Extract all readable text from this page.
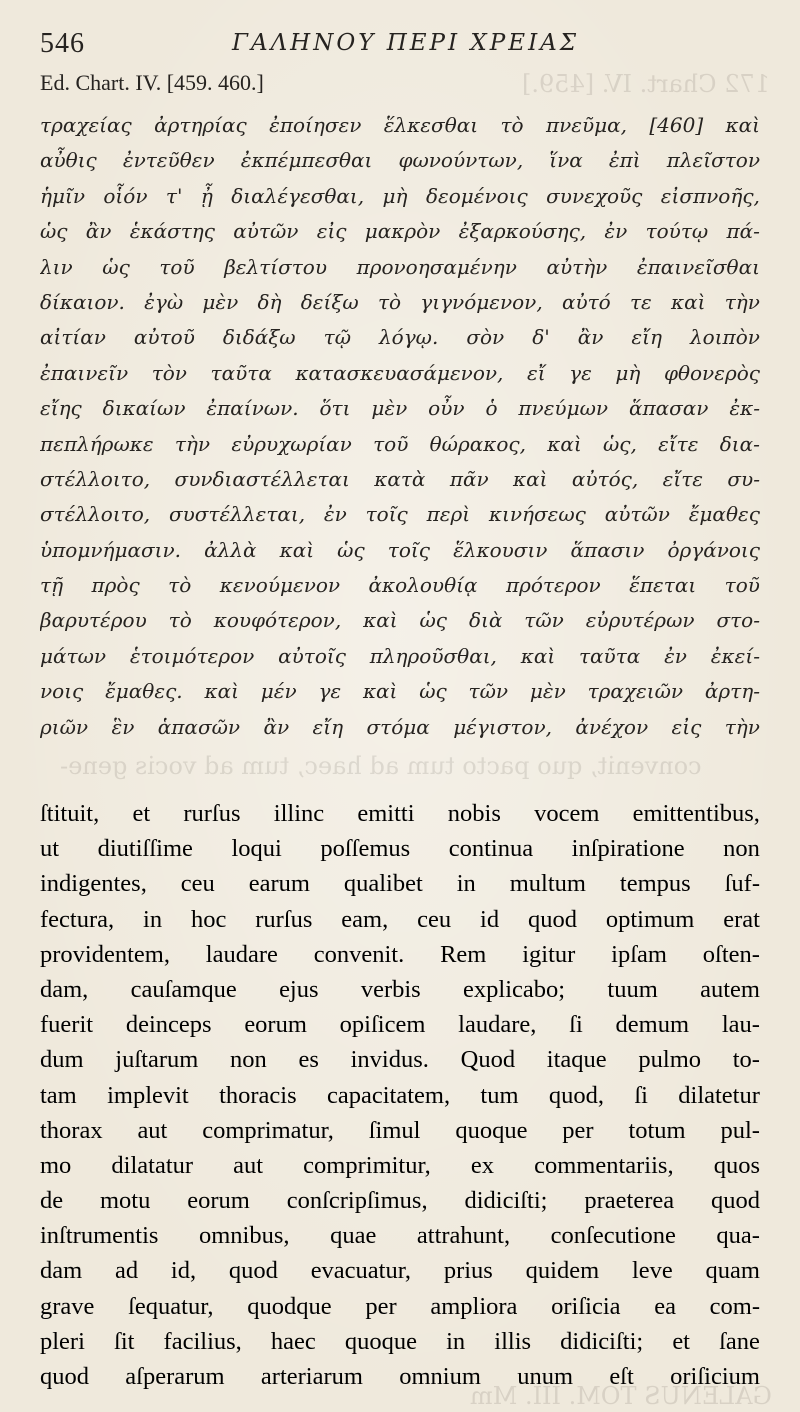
172 Chart. IV. [459.]
convenit, quo pacto tum ad haec, tum ad vocis gene-
GALENUS TOM. III. Mm
546	ΓΑΛΗΝΟΥ ΠΕΡΙ ΧΡΕΙΑΣ
Ed. Chart. IV. [459. 460.]
τραχείας ἀρτηρίας ἐποίησεν ἕλκεσθαι τὸ πνεῦμα, [460] καὶ
αὖθις ἐντεῦθεν ἐκπέμπεσθαι φωνούντων, ἵνα ἐπὶ πλεῖστον
ἡμῖν οἷόν τ' ᾖ διαλέγεσθαι, μὴ δεομένοις συνεχοῦς εἰσπνοῆς,
ὡς ἂν ἑκάστης αὐτῶν εἰς μακρὸν ἐξαρκούσης, ἐν τούτῳ πά-
λιν ὡς τοῦ βελτίστου προνοησαμένην αὐτὴν ἐπαινεῖσθαι
δίκαιον. ἐγὼ μὲν δὴ δείξω τὸ γιγνόμενον, αὐτό τε καὶ τὴν
αἰτίαν αὐτοῦ διδάξω τῷ λόγῳ. σὸν δ' ἂν εἴη λοιπὸν
ἐπαινεῖν τὸν ταῦτα κατασκευασάμενον, εἴ γε μὴ φθονερὸς
εἴης δικαίων ἐπαίνων. ὅτι μὲν οὖν ὁ πνεύμων ἅπασαν ἐκ-
πεπλήρωκε τὴν εὐρυχωρίαν τοῦ θώρακος, καὶ ὡς, εἴτε δια-
στέλλοιτο, συνδιαστέλλεται κατὰ πᾶν καὶ αὐτός, εἴτε συ-
στέλλοιτο, συστέλλεται, ἐν τοῖς περὶ κινήσεως αὐτῶν ἔμαθες
ὑπομνήμασιν. ἀλλὰ καὶ ὡς τοῖς ἕλκουσιν ἅπασιν ὀργάνοις
τῇ πρὸς τὸ κενούμενον ἀκολουθίᾳ πρότερον ἕπεται τοῦ
βαρυτέρου τὸ κουφότερον, καὶ ὡς διὰ τῶν εὐρυτέρων στο-
μάτων ἑτοιμότερον αὐτοῖς πληροῦσθαι, καὶ ταῦτα ἐν ἐκεί-
νοις ἔμαθες. καὶ μέν γε καὶ ὡς τῶν μὲν τραχειῶν ἀρτη-
ριῶν ἓν ἁπασῶν ἂν εἴη στόμα μέγιστον, ἀνέχον εἰς τὴν
ſtituit, et rurſus illinc emitti nobis vocem emittentibus,
ut diutiſſime loqui poſſemus continua inſpiratione non
indigentes, ceu earum qualibet in multum tempus ſuf-
fectura, in hoc rurſus eam, ceu id quod optimum erat
providentem, laudare convenit. Rem igitur ipſam oſten-
dam, cauſamque ejus verbis explicabo; tuum autem
fuerit deinceps eorum opiſicem laudare, ſi demum lau-
dum juſtarum non es invidus. Quod itaque pulmo to-
tam implevit thoracis capacitatem, tum quod, ſi dilatetur
thorax aut comprimatur, ſimul quoque per totum pul-
mo dilatatur aut comprimitur, ex commentariis, quos
de motu eorum conſcripſimus, didiciſti; praeterea quod
inſtrumentis omnibus, quae attrahunt, conſecutione qua-
dam ad id, quod evacuatur, prius quidem leve quam
grave ſequatur, quodque per ampliora oriſicia ea com-
pleri ſit facilius, haec quoque in illis didiciſti; et ſane
quod aſperarum arteriarum omnium unum eſt oriſicium
